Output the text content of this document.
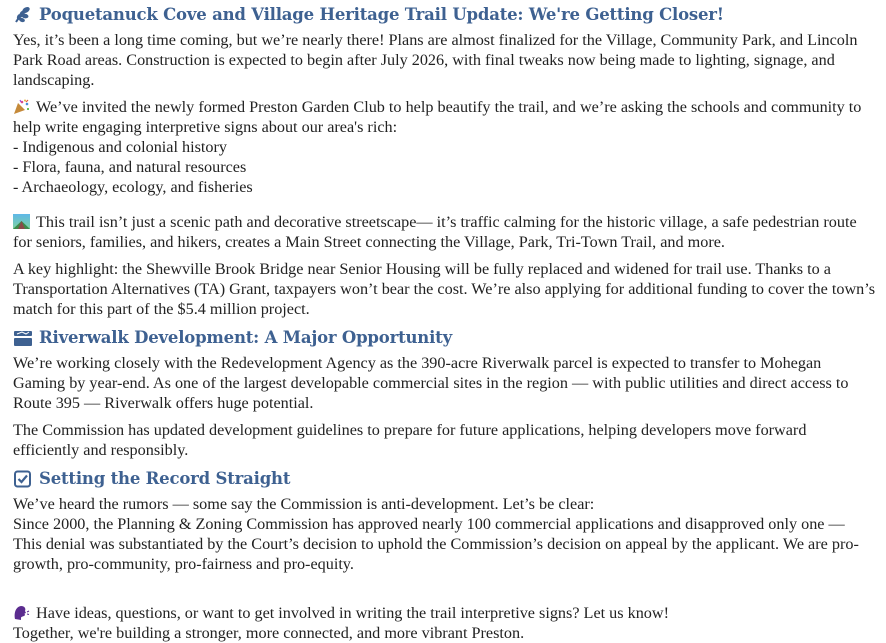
Poquetanuck Cove and Village Heritage Trail Update: We're Getting Closer!

Yes, it’s been a long time coming, but we’re nearly there! Plans are almost finalized for the Village, Community Park, and Lincoln Park Road areas. Construction is expected to begin after July 2026, with final tweaks now being made to lighting, signage, and landscaping.

We’ve invited the newly formed Preston Garden Club to help beautify the trail, and we’re asking the schools and community to help write engaging interpretive signs about our area's rich:

- Indigenous and colonial history

- Flora, fauna, and natural resources

- Archaeology, ecology, and fisheries

This trail isn’t just a scenic path and decorative streetscape— it’s traffic calming for the historic village, a safe pedestrian route for seniors, families, and hikers, creates a Main Street connecting the Village, Park, Tri-Town Trail, and more.

A key highlight: the Shewville Brook Bridge near Senior Housing will be fully replaced and widened for trail use. Thanks to a Transportation Alternatives (TA) Grant, taxpayers won’t bear the cost. We’re also applying for additional funding to cover the town’s match for this part of the $5.4 million project.

Riverwalk Development: A Major Opportunity

We’re working closely with the Redevelopment Agency as the 390-acre Riverwalk parcel is expected to transfer to Mohegan Gaming by year-end. As one of the largest developable commercial sites in the region — with public utilities and direct access to Route 395 — Riverwalk offers huge potential.

The Commission has updated development guidelines to prepare for future applications, helping developers move forward efficiently and responsibly.

Setting the Record Straight

We’ve heard the rumors — some say the Commission is anti-development. Let’s be clear:

Since 2000, the Planning & Zoning Commission has approved nearly 100 commercial applications and disapproved only one — This denial was substantiated by the Court’s decision to uphold the Commission’s decision on appeal by the applicant. We are pro-growth, pro-community, pro-fairness and pro-equity.

Have ideas, questions, or want to get involved in writing the trail interpretive signs? Let us know!

Together, we're building a stronger, more connected, and more vibrant Preston.
